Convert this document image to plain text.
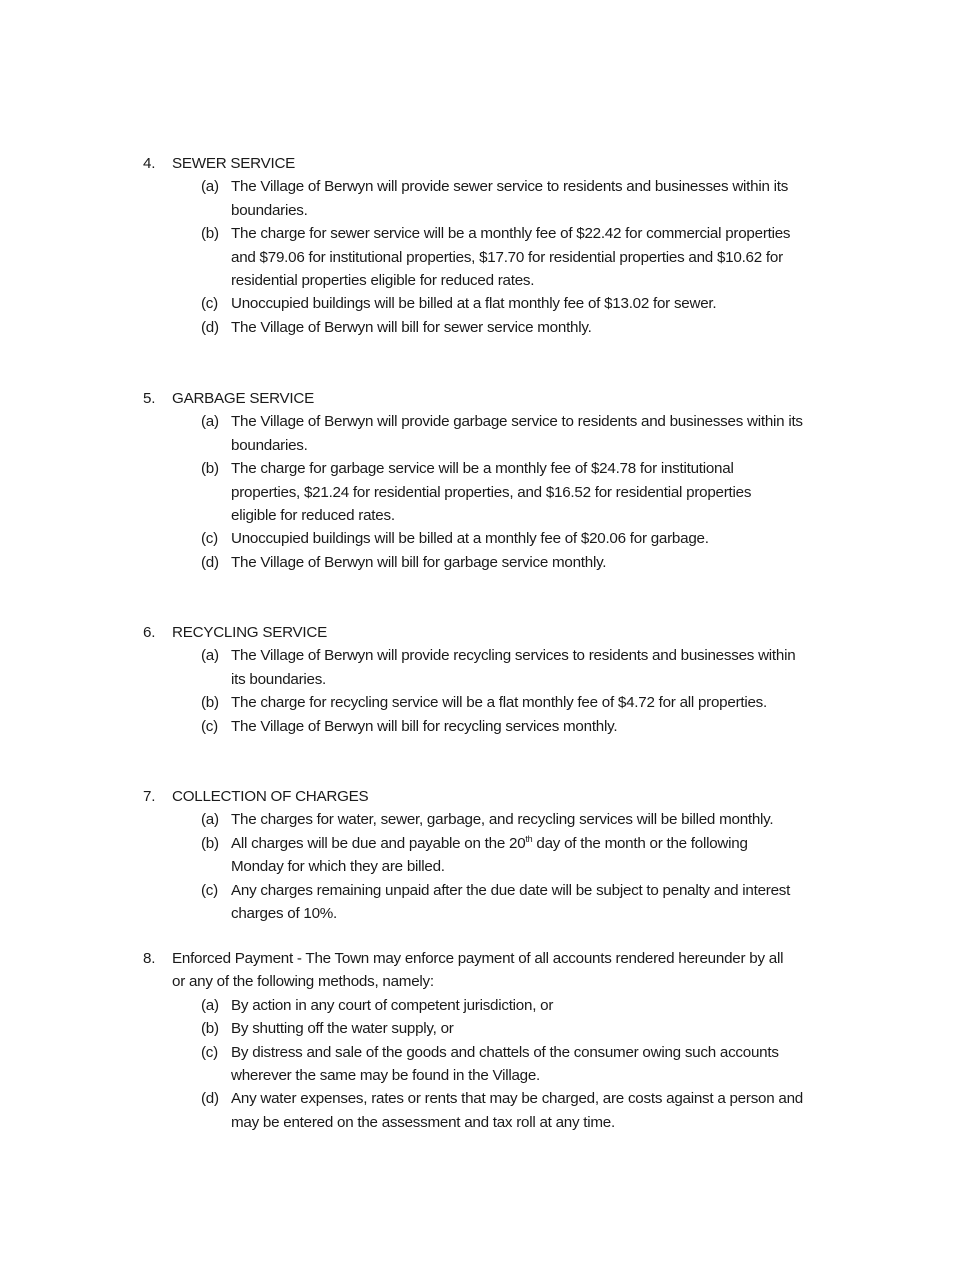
4. SEWER SERVICE
(a) The Village of Berwyn will provide sewer service to residents and businesses within its
boundaries.
(b) The charge for sewer service will be a monthly fee of $22.42 for commercial properties
and $79.06 for institutional properties, $17.70 for residential properties and $10.62 for
residential properties eligible for reduced rates.
(c) Unoccupied buildings will be billed at a flat monthly fee of $13.02 for sewer.
(d) The Village of Berwyn will bill for sewer service monthly.
5. GARBAGE SERVICE
(a) The Village of Berwyn will provide garbage service to residents and businesses within its
boundaries.
(b) The charge for garbage service will be a monthly fee of $24.78 for institutional
properties, $21.24 for residential properties, and $16.52 for residential properties
eligible for reduced rates.
(c) Unoccupied buildings will be billed at a monthly fee of $20.06 for garbage.
(d) The Village of Berwyn will bill for garbage service monthly.
6. RECYCLING SERVICE
(a) The Village of Berwyn will provide recycling services to residents and businesses within
its boundaries.
(b) The charge for recycling service will be a flat monthly fee of $4.72 for all properties.
(c) The Village of Berwyn will bill for recycling services monthly.
7. COLLECTION OF CHARGES
(a) The charges for water, sewer, garbage, and recycling services will be billed monthly.
(b) All charges will be due and payable on the 20th day of the month or the following
Monday for which they are billed.
(c) Any charges remaining unpaid after the due date will be subject to penalty and interest
charges of 10%.
8. Enforced Payment - The Town may enforce payment of all accounts rendered hereunder by all
or any of the following methods, namely:
(a) By action in any court of competent jurisdiction, or
(b) By shutting off the water supply, or
(c) By distress and sale of the goods and chattels of the consumer owing such accounts
wherever the same may be found in the Village.
(d) Any water expenses, rates or rents that may be charged, are costs against a person and
may be entered on the assessment and tax roll at any time.
